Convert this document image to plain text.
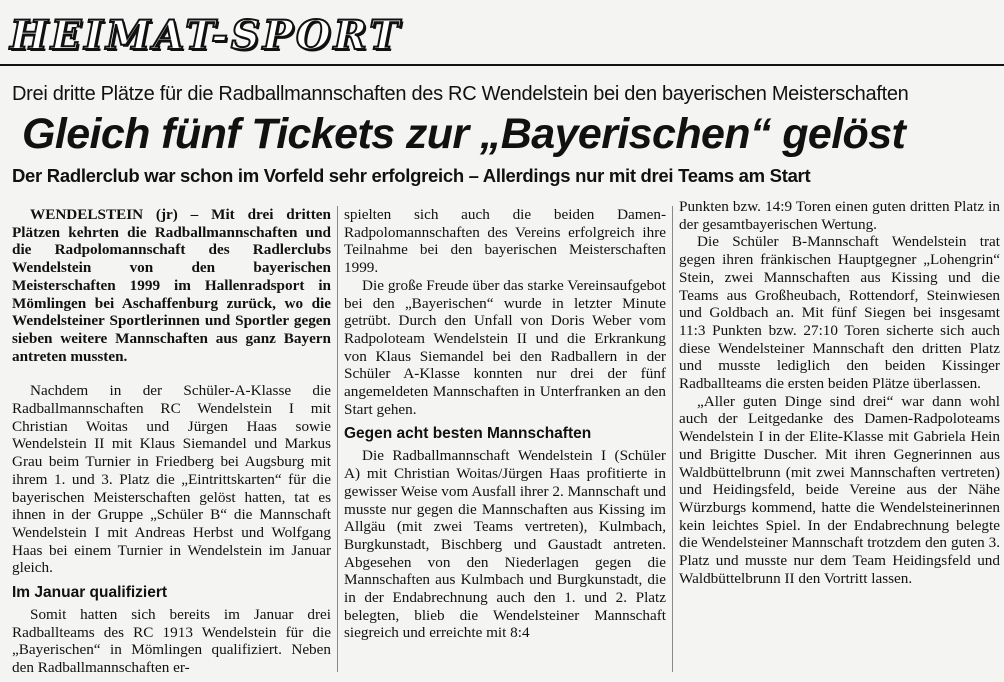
HEIMAT-SPORT
Drei dritte Plätze für die Radballmannschaften des RC Wendelstein bei den bayerischen Meisterschaften
Gleich fünf Tickets zur „Bayerischen“ gelöst
Der Radlerclub war schon im Vorfeld sehr erfolgreich – Allerdings nur mit drei Teams am Start

WENDELSTEIN (jr) – Mit drei dritten Plätzen kehrten die Radballmannschaften und die Radpolomannschaft des Radlerclubs Wendelstein von den bayerischen Meisterschaften 1999 im Hallenradsport in Mömlingen bei Aschaffenburg zurück, wo die Wendelsteiner Sportlerinnen und Sportler gegen sieben weitere Mannschaften aus ganz Bayern antreten mussten.

Nachdem in der Schüler-A-Klasse die Radballmannschaften RC Wendelstein I mit Christian Woitas und Jürgen Haas sowie Wendelstein II mit Klaus Siemandel und Markus Grau beim Turnier in Friedberg bei Augsburg mit ihrem 1. und 3. Platz die „Eintrittskarten“ für die bayerischen Meisterschaften gelöst hatten, tat es ihnen in der Gruppe „Schüler B“ die Mannschaft Wendelstein I mit Andreas Herbst und Wolfgang Haas bei einem Turnier in Wendelstein im Januar gleich.

Im Januar qualifiziert

Somit hatten sich bereits im Januar drei Radballteams des RC 1913 Wendelstein für die „Bayerischen“ in Mömlingen qualifiziert. Neben den Radballmannschaften er-

spielten sich auch die beiden Damen-Radpolomannschaften des Vereins erfolgreich ihre Teilnahme bei den bayerischen Meisterschaften 1999.

Die große Freude über das starke Vereinsaufgebot bei den „Bayerischen“ wurde in letzter Minute getrübt. Durch den Unfall von Doris Weber vom Radpoloteam Wendelstein II und die Erkrankung von Klaus Siemandel bei den Radballern in der Schüler A-Klasse konnten nur drei der fünf angemeldeten Mannschaften in Unterfranken an den Start gehen.

Gegen acht besten Mannschaften

Die Radballmannschaft Wendelstein I (Schüler A) mit Christian Woitas/Jürgen Haas profitierte in gewisser Weise vom Ausfall ihrer 2. Mannschaft und musste nur gegen die Mannschaften aus Kissing im Allgäu (mit zwei Teams vertreten), Kulmbach, Burgkunstadt, Bischberg und Gaustadt antreten. Abgesehen von den Niederlagen gegen die Mannschaften aus Kulmbach und Burgkunstadt, die in der Endabrechnung auch den 1. und 2. Platz belegten, blieb die Wendelsteiner Mannschaft siegreich und erreichte mit 8:4

Punkten bzw. 14:9 Toren einen guten dritten Platz in der gesamtbayerischen Wertung.

Die Schüler B-Mannschaft Wendelstein trat gegen ihren fränkischen Hauptgegner „Lohengrin“ Stein, zwei Mannschaften aus Kissing und die Teams aus Großheubach, Rottendorf, Steinwiesen und Goldbach an. Mit fünf Siegen bei insgesamt 11:3 Punkten bzw. 27:10 Toren sicherte sich auch diese Wendelsteiner Mannschaft den dritten Platz und musste lediglich den beiden Kissinger Radballteams die ersten beiden Plätze überlassen.

„Aller guten Dinge sind drei“ war dann wohl auch der Leitgedanke des Damen-Radpoloteams Wendelstein I in der Elite-Klasse mit Gabriela Hein und Brigitte Duscher. Mit ihren Gegnerinnen aus Waldbüttelbrunn (mit zwei Mannschaften vertreten) und Heidingsfeld, beide Vereine aus der Nähe Würzburgs kommend, hatte die Wendelsteinerinnen kein leichtes Spiel. In der Endabrechnung belegte die Wendelsteiner Mannschaft trotzdem den guten 3. Platz und musste nur dem Team Heidingsfeld und Waldbüttelbrunn II den Vortritt lassen.
